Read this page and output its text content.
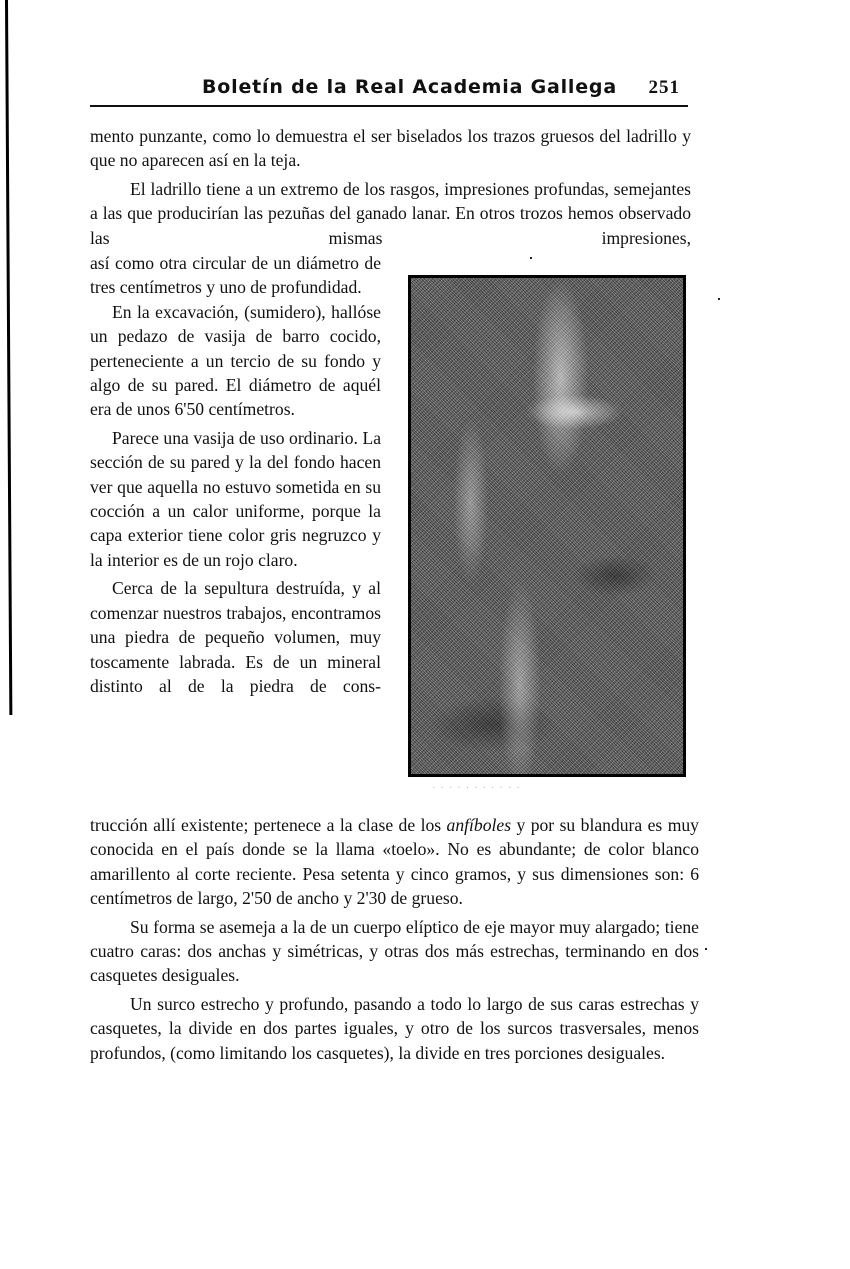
Boletín de la Real Academia Gallega 251

mento punzante, como lo demuestra el ser biselados los trazos gruesos del ladrillo y que no aparecen así en la teja.

El ladrillo tiene a un extremo de los rasgos, impresiones profundas, semejantes a las que producirían las pezuñas del ganado lanar. En otros trozos hemos observado las mismas impresiones,

así como otra circular de un diámetro de tres centímetros y uno de profundidad.

En la excavación, (sumidero), hallóse un pedazo de vasija de barro cocido, perteneciente a un tercio de su fondo y algo de su pared. El diámetro de aquél era de unos 6'50 centímetros.

Parece una vasija de uso ordinario. La sección de su pared y la del fondo hacen ver que aquella no estuvo sometida en su cocción a un calor uniforme, porque la capa exterior tiene color gris negruzco y la interior es de un rojo claro.

Cerca de la sepultura destruída, y al comenzar nuestros trabajos, encontramos una piedra de pequeño volumen, muy toscamente labrada. Es de un mineral distinto al de la piedra de cons-

· · · · · · · · · · ·

trucción allí existente; pertenece a la clase de los anfíboles y por su blandura es muy conocida en el país donde se la llama «toelo». No es abundante; de color blanco amarillento al corte reciente. Pesa setenta y cinco gramos, y sus dimensiones son: 6 centímetros de largo, 2'50 de ancho y 2'30 de grueso.

Su forma se asemeja a la de un cuerpo elíptico de eje mayor muy alargado; tiene cuatro caras: dos anchas y simétricas, y otras dos más estrechas, terminando en dos casquetes desiguales.

Un surco estrecho y profundo, pasando a todo lo largo de sus caras estrechas y casquetes, la divide en dos partes iguales, y otro de los surcos trasversales, menos profundos, (como limitando los casquetes), la divide en tres porciones desiguales.
